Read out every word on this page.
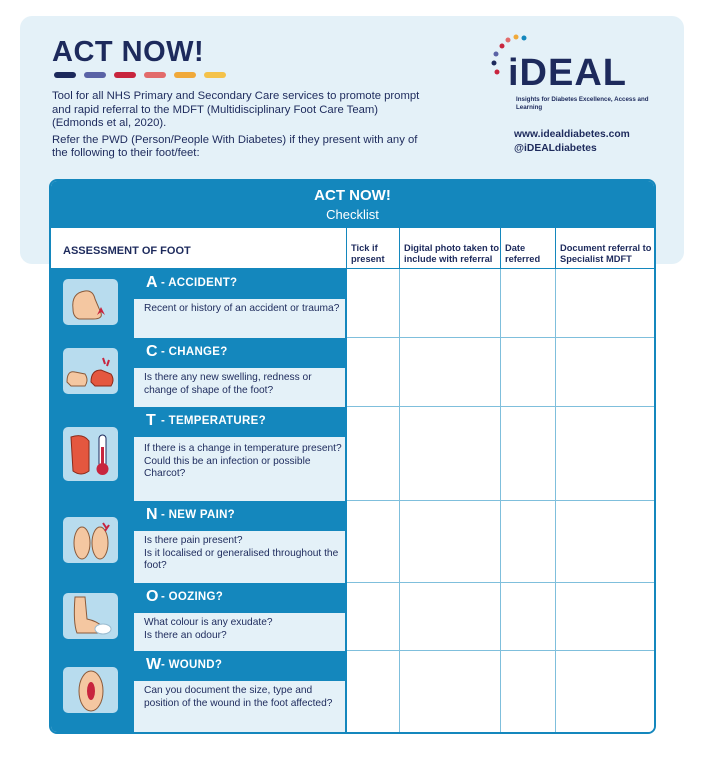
ACT NOW!

Tool for all NHS Primary and Secondary Care services to promote prompt and rapid referral to the MDFT (Multidisciplinary Foot Care Team) (Edmonds et al, 2020).

Refer the PWD (Person/People With Diabetes) if they present with any of the following to their foot/feet:

iDEAL
Insights for Diabetes Excellence, Access and Learning
www.idealdiabetes.com
@iDEALdiabetes
ACT NOW!
Checklist
ASSESSMENT OF FOOT	Tick if present
Digital photo taken to include with referral
Date referred
Document referral to Specialist MDFT
A - ACCIDENT?

Recent or history of an accident or trauma?

C - CHANGE?

Is there any new swelling, redness or change of shape of the foot?

T - TEMPERATURE?

If there is a change in temperature present?

Could this be an infection or possible Charcot?

N - NEW PAIN?

Is there pain present?

Is it localised or generalised throughout the foot?

O - OOZING?

What colour is any exudate?

Is there an odour?

W - WOUND?

Can you document the size, type and position of the wound in the foot affected?
